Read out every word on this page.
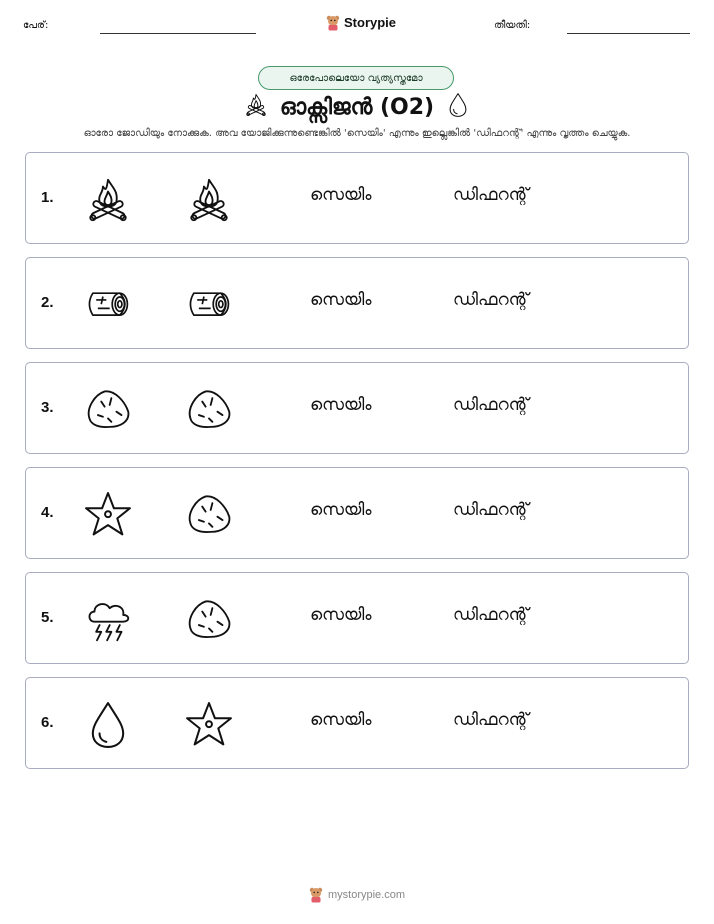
പേര്:	Storypie	തീയതി:
ഒരേപോലെയോ വ്യത്യസ്തമോ
ഓക്സിജൻ (O2)
ഓരോ ജോഡിയും നോക്കുക. അവ യോജിക്കുന്നുണ്ടെങ്കിൽ 'സെയിം' എന്നും ഇല്ലെങ്കിൽ 'ഡിഫറന്റ്' എന്നും വൃത്തം ചെയ്യുക.
1.	സെയിം	ഡിഫറന്റ്
2.	സെയിം	ഡിഫറന്റ്
3.	സെയിം	ഡിഫറന്റ്
4.	സെയിം	ഡിഫറന്റ്
5.	സെയിം	ഡിഫറന്റ്
6.	സെയിം	ഡിഫറന്റ്
mystorypie.com
